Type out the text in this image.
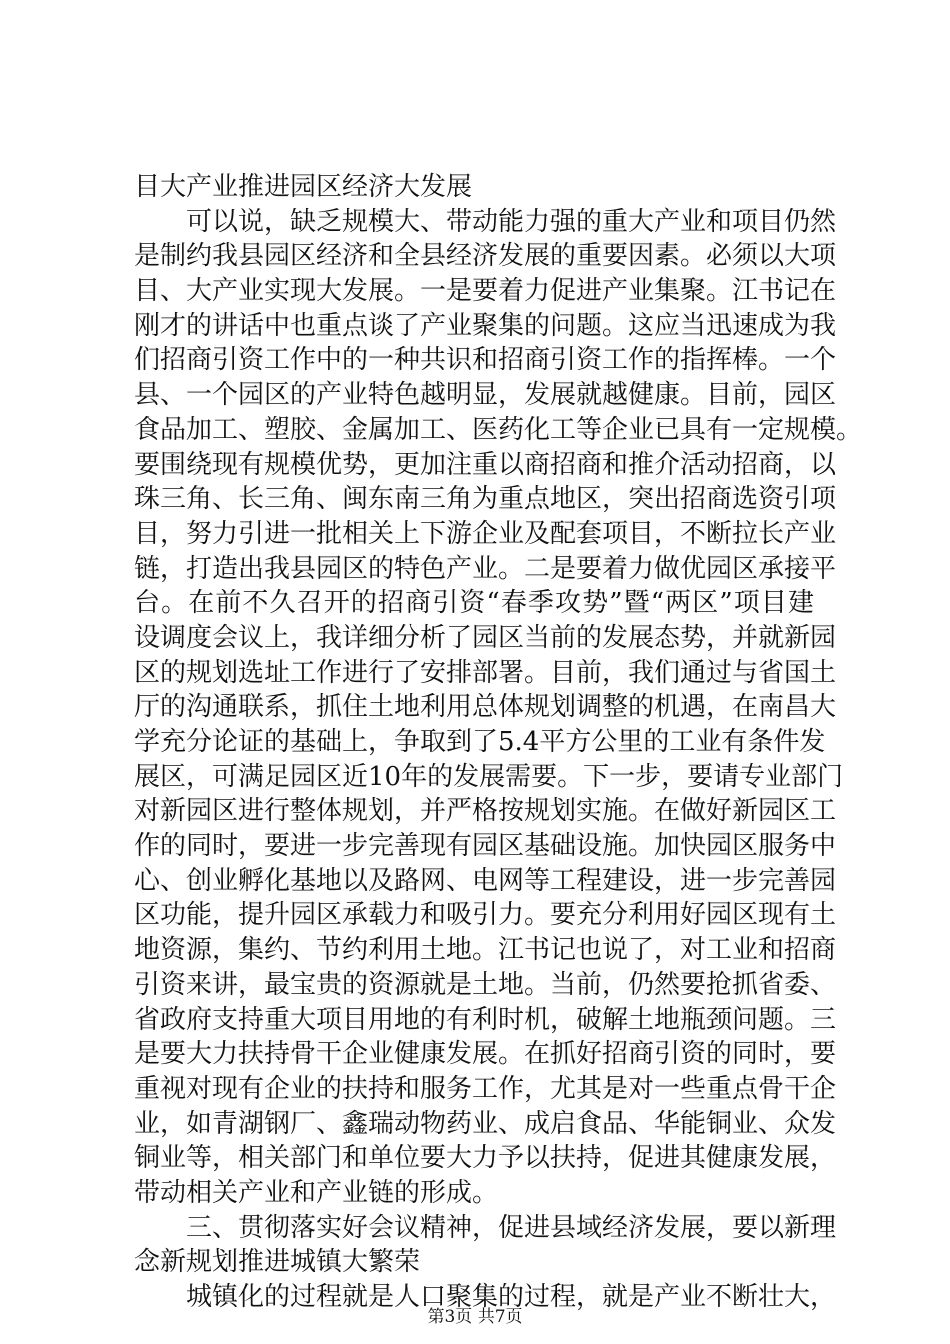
目大产业推进园区经济大发展
可以说，缺乏规模大、带动能力强的重大产业和项目仍然
是制约我县园区经济和全县经济发展的重要因素。必须以大项
目、大产业实现大发展。一是要着力促进产业集聚。江书记在
刚才的讲话中也重点谈了产业聚集的问题。这应当迅速成为我
们招商引资工作中的一种共识和招商引资工作的指挥棒。一个
县、一个园区的产业特色越明显，发展就越健康。目前，园区
食品加工、塑胶、金属加工、医药化工等企业已具有一定规模。
要围绕现有规模优势，更加注重以商招商和推介活动招商，以
珠三角、长三角、闽东南三角为重点地区，突出招商选资引项
目，努力引进一批相关上下游企业及配套项目，不断拉长产业
链，打造出我县园区的特色产业。二是要着力做优园区承接平
台。在前不久召开的招商引资“春季攻势”暨“两区”项目建
设调度会议上，我详细分析了园区当前的发展态势，并就新园
区的规划选址工作进行了安排部署。目前，我们通过与省国土
厅的沟通联系，抓住土地利用总体规划调整的机遇，在南昌大
学充分论证的基础上，争取到了5.4平方公里的工业有条件发
展区，可满足园区近10年的发展需要。下一步，要请专业部门
对新园区进行整体规划，并严格按规划实施。在做好新园区工
作的同时，要进一步完善现有园区基础设施。加快园区服务中
心、创业孵化基地以及路网、电网等工程建设，进一步完善园
区功能，提升园区承载力和吸引力。要充分利用好园区现有土
地资源，集约、节约利用土地。江书记也说了，对工业和招商
引资来讲，最宝贵的资源就是土地。当前，仍然要抢抓省委、
省政府支持重大项目用地的有利时机，破解土地瓶颈问题。三
是要大力扶持骨干企业健康发展。在抓好招商引资的同时，要
重视对现有企业的扶持和服务工作，尤其是对一些重点骨干企
业，如青湖钢厂、鑫瑞动物药业、成启食品、华能铜业、众发
铜业等，相关部门和单位要大力予以扶持，促进其健康发展，
带动相关产业和产业链的形成。
三、贯彻落实好会议精神，促进县域经济发展，要以新理
念新规划推进城镇大繁荣
城镇化的过程就是人口聚集的过程，就是产业不断壮大，
第3页 共7页
